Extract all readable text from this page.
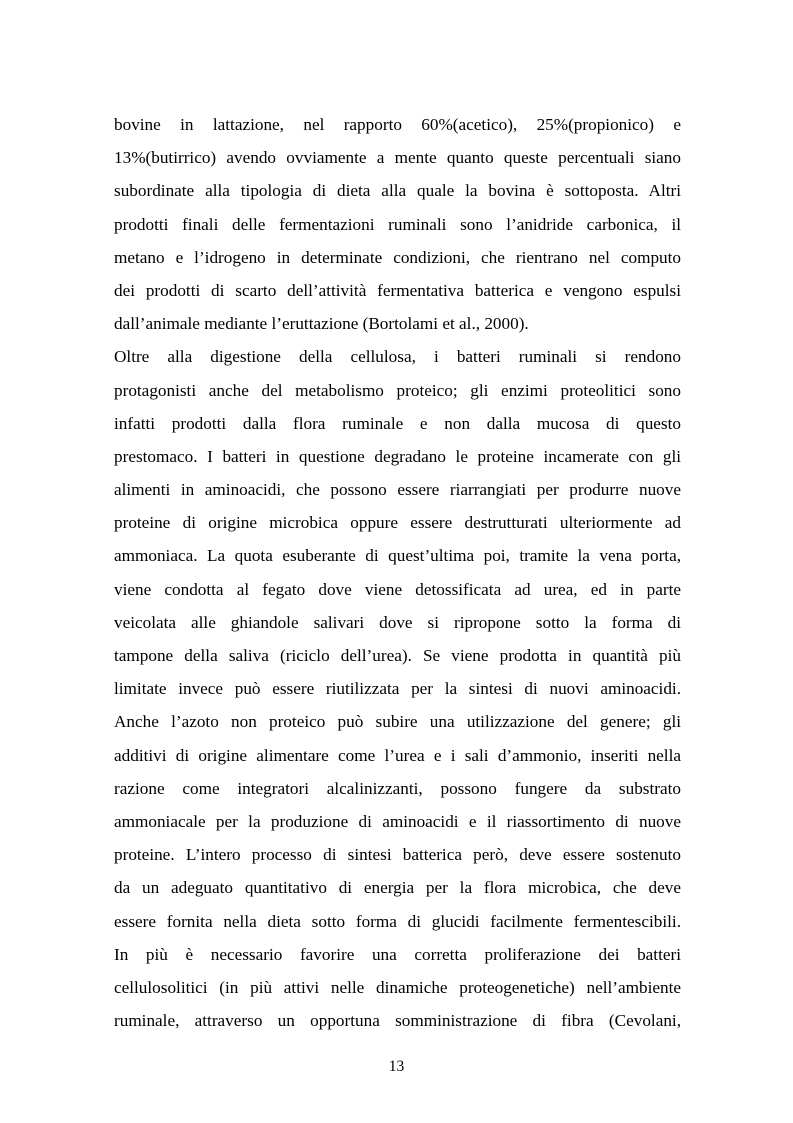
bovine in lattazione, nel rapporto 60%(acetico), 25%(propionico) e
13%(butirrico) avendo ovviamente a mente quanto queste percentuali siano
subordinate alla tipologia di dieta alla quale la bovina è sottoposta. Altri
prodotti finali delle fermentazioni ruminali sono l’anidride carbonica, il
metano e l’idrogeno in determinate condizioni, che rientrano nel computo
dei prodotti di scarto dell’attività fermentativa batterica e vengono espulsi
dall’animale mediante l’eruttazione (Bortolami et al., 2000).
Oltre alla digestione della cellulosa, i batteri ruminali si rendono
protagonisti anche del metabolismo proteico; gli enzimi proteolitici sono
infatti prodotti dalla flora ruminale e non dalla mucosa di questo
prestomaco. I batteri in questione degradano le proteine incamerate con gli
alimenti in aminoacidi, che possono essere riarrangiati per produrre nuove
proteine di origine microbica oppure essere destrutturati ulteriormente ad
ammoniaca. La quota esuberante di quest’ultima poi, tramite la vena porta,
viene condotta al fegato dove viene detossificata ad urea, ed in parte
veicolata alle ghiandole salivari dove si ripropone sotto la forma di
tampone della saliva (riciclo dell’urea). Se viene prodotta in quantità più
limitate invece può essere riutilizzata per la sintesi di nuovi aminoacidi.
Anche l’azoto non proteico può subire una utilizzazione del genere; gli
additivi di origine alimentare come l’urea e i sali d’ammonio, inseriti nella
razione come integratori alcalinizzanti, possono fungere da substrato
ammoniacale per la produzione di aminoacidi e il riassortimento di nuove
proteine. L’intero processo di sintesi batterica però, deve essere sostenuto
da un adeguato quantitativo di energia per la flora microbica, che deve
essere fornita nella dieta sotto forma di glucidi facilmente fermentescibili.
In più è necessario favorire una corretta proliferazione dei batteri
cellulosolitici (in più attivi nelle dinamiche proteogenetiche) nell’ambiente
ruminale, attraverso un opportuna somministrazione di fibra (Cevolani,
13
